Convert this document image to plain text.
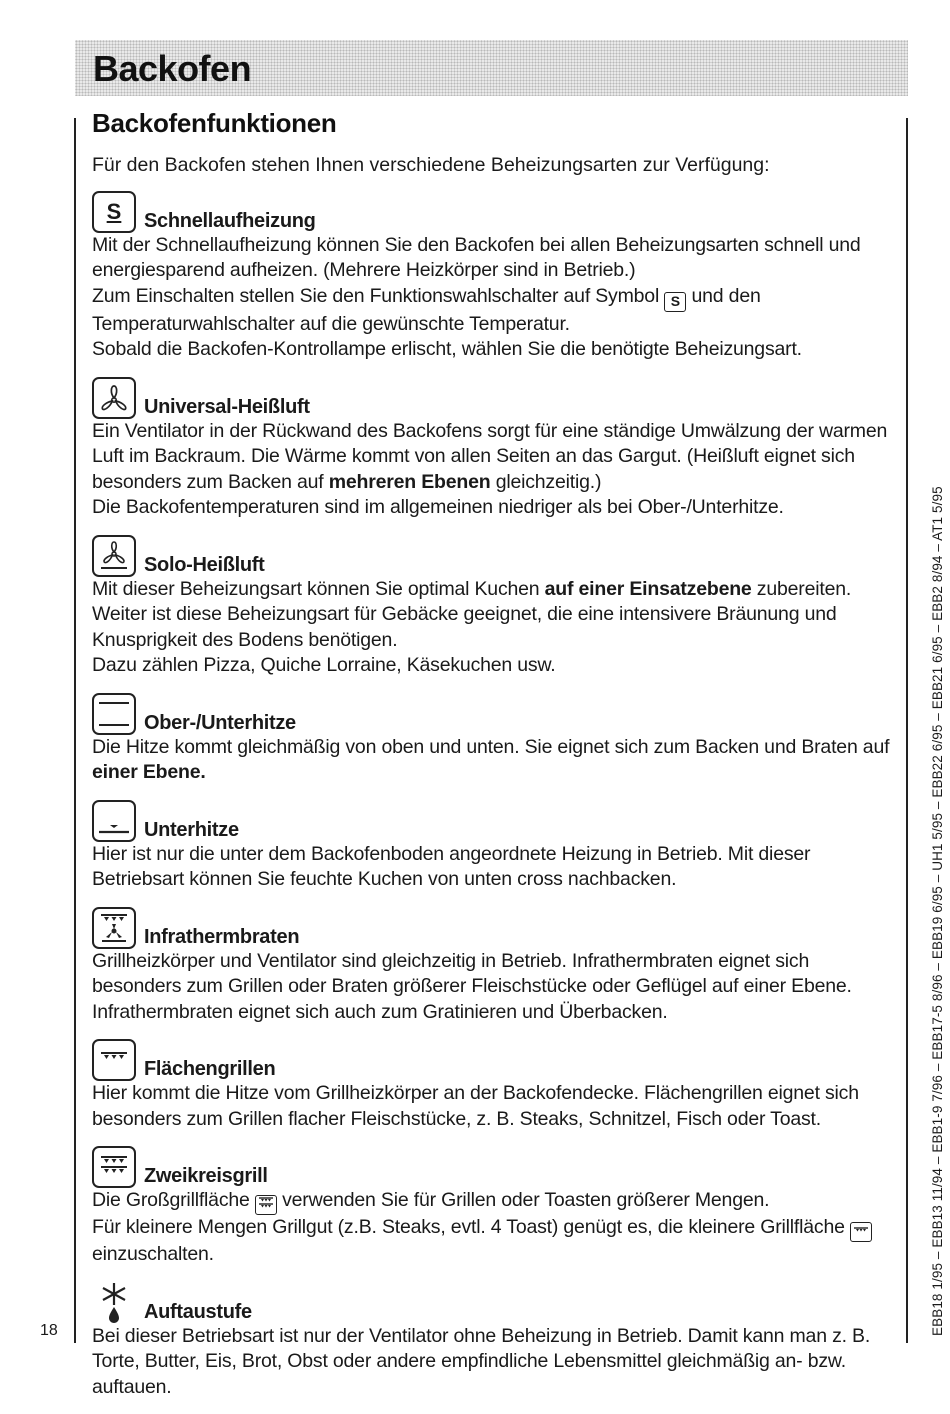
Backofen
Backofenfunktionen

Für den Backofen stehen Ihnen verschiedene Beheizungsarten zur Verfügung:

S Schnellaufheizung

Mit der Schnellaufheizung können Sie den Backofen bei allen Beheizungsarten schnell und energiesparend aufheizen. (Mehrere Heizkörper sind in Betrieb.)

Zum Einschalten stellen Sie den Funktionswahlschalter auf Symbol S und den Temperaturwahlschalter auf die gewünschte Temperatur.

Sobald die Backofen-Kontrollampe erlischt, wählen Sie die benötigte Beheizungsart.

Universal-Heißluft

Ein Ventilator in der Rückwand des Backofens sorgt für eine ständige Umwälzung der warmen Luft im Backraum. Die Wärme kommt von allen Seiten an das Gargut. (Heißluft eignet sich besonders zum Backen auf mehreren Ebenen gleichzeitig.)

Die Backofentemperaturen sind im allgemeinen niedriger als bei Ober-/Unterhitze.

Solo-Heißluft

Mit dieser Beheizungsart können Sie optimal Kuchen auf einer Einsatzebene zubereiten. Weiter ist diese Beheizungsart für Gebäcke geeignet, die eine intensivere Bräunung und Knusprigkeit des Bodens benötigen.

Dazu zählen Pizza, Quiche Lorraine, Käsekuchen usw.

Ober-/Unterhitze

Die Hitze kommt gleichmäßig von oben und unten. Sie eignet sich zum Backen und Braten auf einer Ebene.

Unterhitze

Hier ist nur die unter dem Backofenboden angeordnete Heizung in Betrieb. Mit dieser Betriebsart können Sie feuchte Kuchen von unten cross nachbacken.

Infrathermbraten

Grillheizkörper und Ventilator sind gleichzeitig in Betrieb. Infrathermbraten eignet sich besonders zum Grillen oder Braten größerer Fleischstücke oder Geflügel auf einer Ebene. Infrathermbraten eignet sich auch zum Gratinieren und Überbacken.

Flächengrillen

Hier kommt die Hitze vom Grillheizkörper an der Backofendecke. Flächengrillen eignet sich besonders zum Grillen flacher Fleischstücke, z. B. Steaks, Schnitzel, Fisch oder Toast.

Zweikreisgrill

Die Großgrillfläche verwenden Sie für Grillen oder Toasten größerer Mengen.

Für kleinere Mengen Grillgut (z.B. Steaks, evtl. 4 Toast) genügt es, die kleinere Grillfläche  einzuschalten.

Auftaustufe

Bei dieser Betriebsart ist nur der Ventilator ohne Beheizung in Betrieb. Damit kann man z. B. Torte, Butter, Eis, Brot, Obst oder andere empfindliche Lebensmittel gleichmäßig an- bzw. auftauen.

18	EBB18 1/95 – EBB13 11/94 – EBB1-9 7/96 – EBB17-5 8/96 – EBB19 6/95 – UH1 5/95 – EBB22 6/95 – EBB21 6/95 – EBB2 8/94 – AT1 5/95
